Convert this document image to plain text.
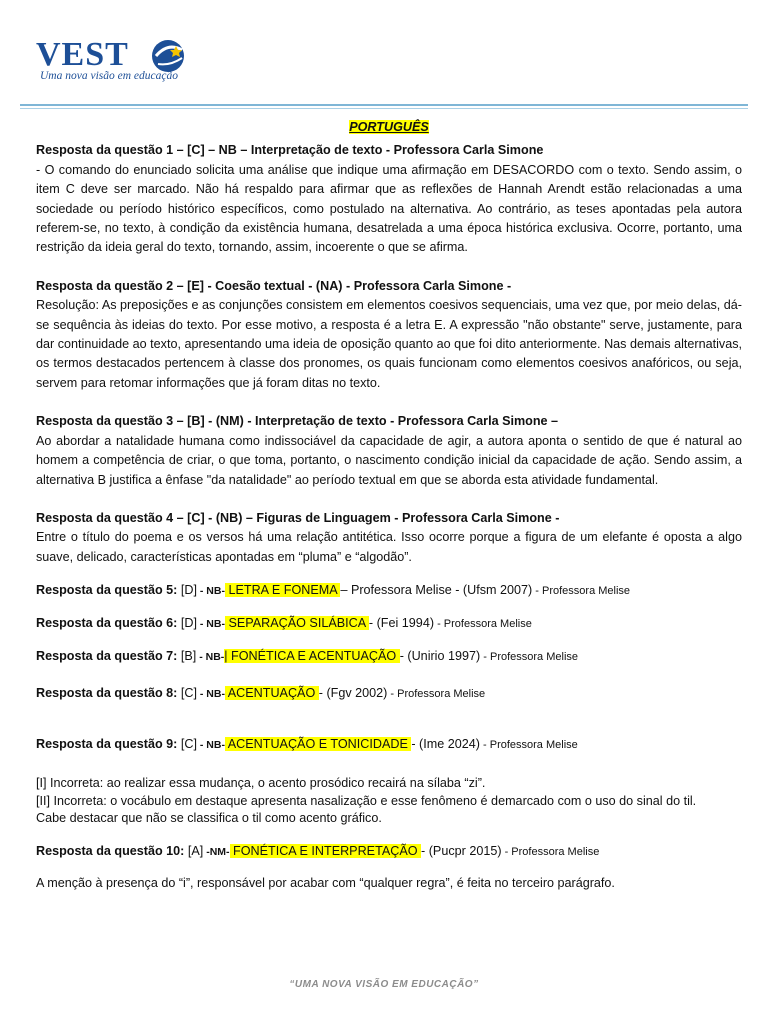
VEST
Uma nova visão em educação

PORTUGUÊS

Resposta da questão 1 – [C] – NB – Interpretação de texto - Professora Carla Simone

- O comando do enunciado solicita uma análise que indique uma afirmação em DESACORDO com o texto. Sendo assim, o item C deve ser marcado. Não há respaldo para afirmar que as reflexões de Hannah Arendt estão relacionadas a uma sociedade ou período histórico específicos, como postulado na alternativa. Ao contrário, as teses apontadas pela autora referem-se, no texto, à condição da existência humana, desatrelada a uma época histórica exclusiva. Ocorre, portanto, uma restrição da ideia geral do texto, tornando, assim, incoerente o que se afirma.

Resposta da questão 2 – [E] - Coesão textual - (NA) - Professora Carla Simone -

Resolução: As preposições e as conjunções consistem em elementos coesivos sequenciais, uma vez que, por meio delas, dá-se sequência às ideias do texto. Por esse motivo, a resposta é a letra E. A expressão "não obstante" serve, justamente, para dar continuidade ao texto, apresentando uma ideia de oposição quanto ao que foi dito anteriormente. Nas demais alternativas, os termos destacados pertencem à classe dos pronomes, os quais funcionam como elementos coesivos anafóricos, ou seja, servem para retomar informações que já foram ditas no texto.

Resposta da questão 3 – [B] - (NM) - Interpretação de texto - Professora Carla Simone –

Ao abordar a natalidade humana como indissociável da capacidade de agir, a autora aponta o sentido de que é natural ao homem a competência de criar, o que toma, portanto, o nascimento condição inicial da capacidade de ação. Sendo assim, a alternativa B justifica a ênfase "da natalidade" ao período textual em que se aborda esta atividade fundamental.

Resposta da questão 4 – [C] - (NB) – Figuras de Linguagem - Professora Carla Simone -

Entre o título do poema e os versos há uma relação antitética. Isso ocorre porque a figura de um elefante é oposta a algo suave, delicado, características apontadas em “pluma” e “algodão”.

Resposta da questão 5: [D] - NB- LETRA E FONEMA – Professora Melise - (Ufsm 2007) - Professora Melise

Resposta da questão 6: [D] - NB- SEPARAÇÃO SILÁBICA - (Fei 1994) - Professora Melise

Resposta da questão 7: [B] - NB-| FONÉTICA E ACENTUAÇÃO - (Unirio 1997) - Professora Melise

Resposta da questão 8: [C] - NB- ACENTUAÇÃO - (Fgv 2002) - Professora Melise

Resposta da questão 9: [C] - NB- ACENTUAÇÃO E TONICIDADE - (Ime 2024) - Professora Melise

[I] Incorreta: ao realizar essa mudança, o acento prosódico recairá na sílaba “zi”.

[II] Incorreta: o vocábulo em destaque apresenta nasalização e esse fenômeno é demarcado com o uso do sinal do til.

Cabe destacar que não se classifica o til como acento gráfico.

Resposta da questão 10: [A] -NM- FONÉTICA E INTERPRETAÇÃO - (Pucpr 2015) - Professora Melise

A menção à presença do “i”, responsável por acabar com “qualquer regra”, é feita no terceiro parágrafo.

“UMA NOVA VISÃO EM EDUCAÇÃO”
